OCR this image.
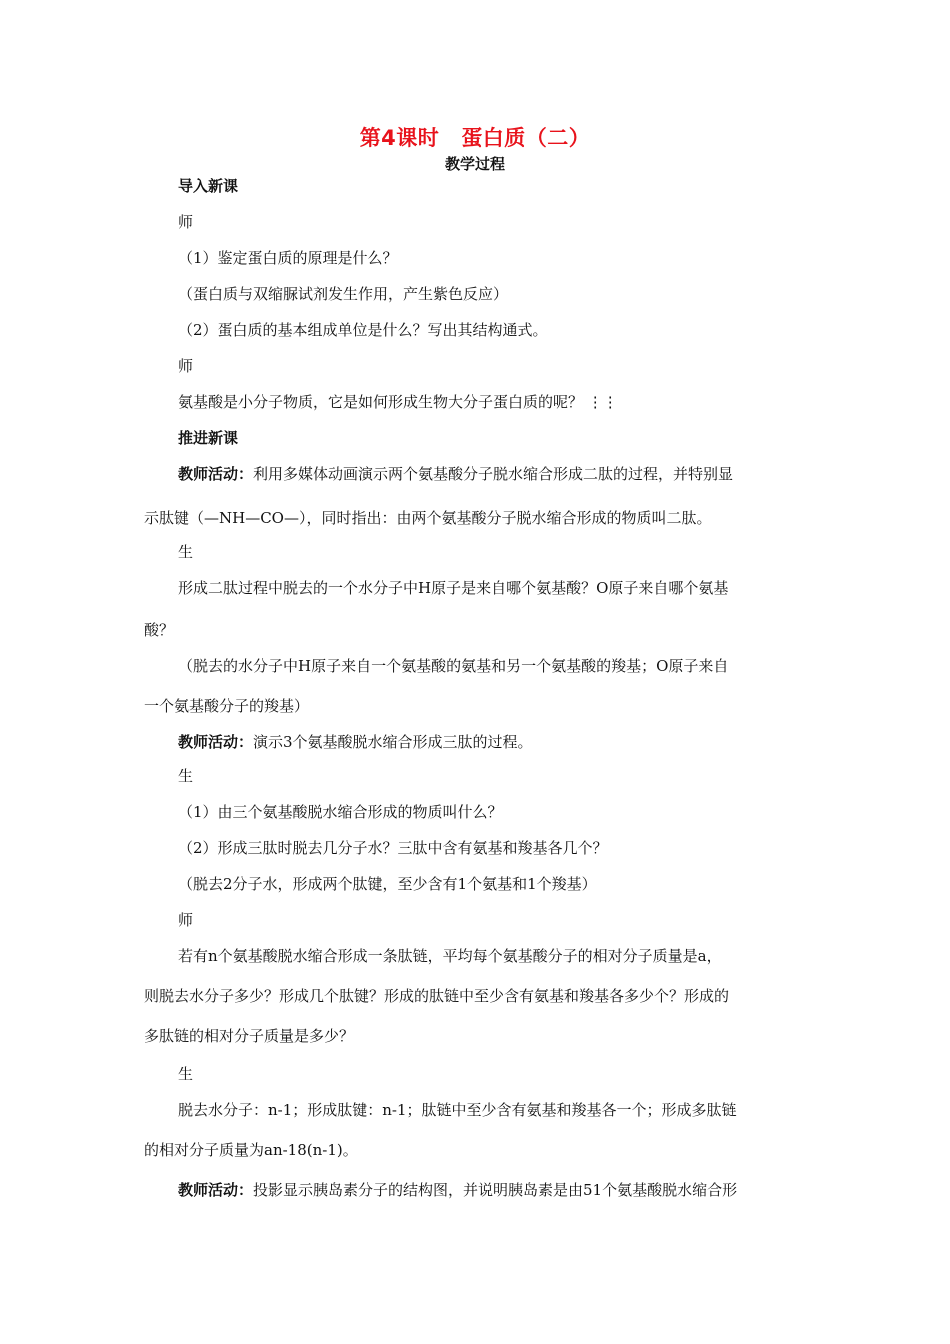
第4课时 蛋白质（二）
教学过程
导入新课
师
（1）鉴定蛋白质的原理是什么？
（蛋白质与双缩脲试剂发生作用，产生紫色反应）
（2）蛋白质的基本组成单位是什么？写出其结构通式。
师
氨基酸是小分子物质，它是如何形成生物大分子蛋白质的呢？ ⋮⋮
推进新课
教师活动：利用多媒体动画演示两个氨基酸分子脱水缩合形成二肽的过程，并特别显
示肽键（—NH—CO—），同时指出：由两个氨基酸分子脱水缩合形成的物质叫二肽。
生
形成二肽过程中脱去的一个水分子中H原子是来自哪个氨基酸？O原子来自哪个氨基
酸？
（脱去的水分子中H原子来自一个氨基酸的氨基和另一个氨基酸的羧基；O原子来自
一个氨基酸分子的羧基）
教师活动：演示3个氨基酸脱水缩合形成三肽的过程。
生
（1）由三个氨基酸脱水缩合形成的物质叫什么？
（2）形成三肽时脱去几分子水？三肽中含有氨基和羧基各几个？
（脱去2分子水，形成两个肽键，至少含有1个氨基和1个羧基）
师
若有n个氨基酸脱水缩合形成一条肽链，平均每个氨基酸分子的相对分子质量是a，
则脱去水分子多少？形成几个肽键？形成的肽链中至少含有氨基和羧基各多少个？形成的
多肽链的相对分子质量是多少？
生
脱去水分子：n-1；形成肽键：n-1；肽链中至少含有氨基和羧基各一个；形成多肽链
的相对分子质量为an-18(n-1)。
教师活动：投影显示胰岛素分子的结构图，并说明胰岛素是由51个氨基酸脱水缩合形
